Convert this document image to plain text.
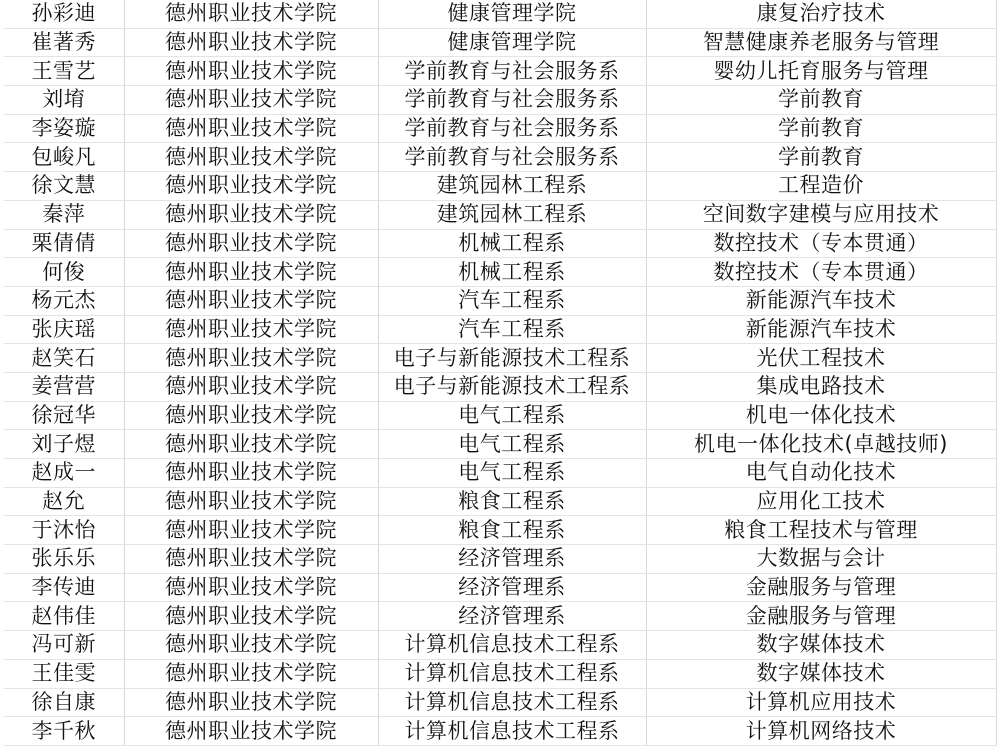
孙彩迪	德州职业技术学院	健康管理学院	康复治疗技术
崔著秀	德州职业技术学院	健康管理学院	智慧健康养老服务与管理
王雪艺	德州职业技术学院	学前教育与社会服务系	婴幼儿托育服务与管理
刘堉	德州职业技术学院	学前教育与社会服务系	学前教育
李姿璇	德州职业技术学院	学前教育与社会服务系	学前教育
包峻凡	德州职业技术学院	学前教育与社会服务系	学前教育
徐文慧	德州职业技术学院	建筑园林工程系	工程造价
秦萍	德州职业技术学院	建筑园林工程系	空间数字建模与应用技术
栗倩倩	德州职业技术学院	机械工程系	数控技术（专本贯通）
何俊	德州职业技术学院	机械工程系	数控技术（专本贯通）
杨元杰	德州职业技术学院	汽车工程系	新能源汽车技术
张庆瑶	德州职业技术学院	汽车工程系	新能源汽车技术
赵笑石	德州职业技术学院	电子与新能源技术工程系	光伏工程技术
姜营营	德州职业技术学院	电子与新能源技术工程系	集成电路技术
徐冠华	德州职业技术学院	电气工程系	机电一体化技术
刘子煜	德州职业技术学院	电气工程系	机电一体化技术(卓越技师)
赵成一	德州职业技术学院	电气工程系	电气自动化技术
赵允	德州职业技术学院	粮食工程系	应用化工技术
于沐怡	德州职业技术学院	粮食工程系	粮食工程技术与管理
张乐乐	德州职业技术学院	经济管理系	大数据与会计
李传迪	德州职业技术学院	经济管理系	金融服务与管理
赵伟佳	德州职业技术学院	经济管理系	金融服务与管理
冯可新	德州职业技术学院	计算机信息技术工程系	数字媒体技术
王佳雯	德州职业技术学院	计算机信息技术工程系	数字媒体技术
徐自康	德州职业技术学院	计算机信息技术工程系	计算机应用技术
李千秋	德州职业技术学院	计算机信息技术工程系	计算机网络技术
